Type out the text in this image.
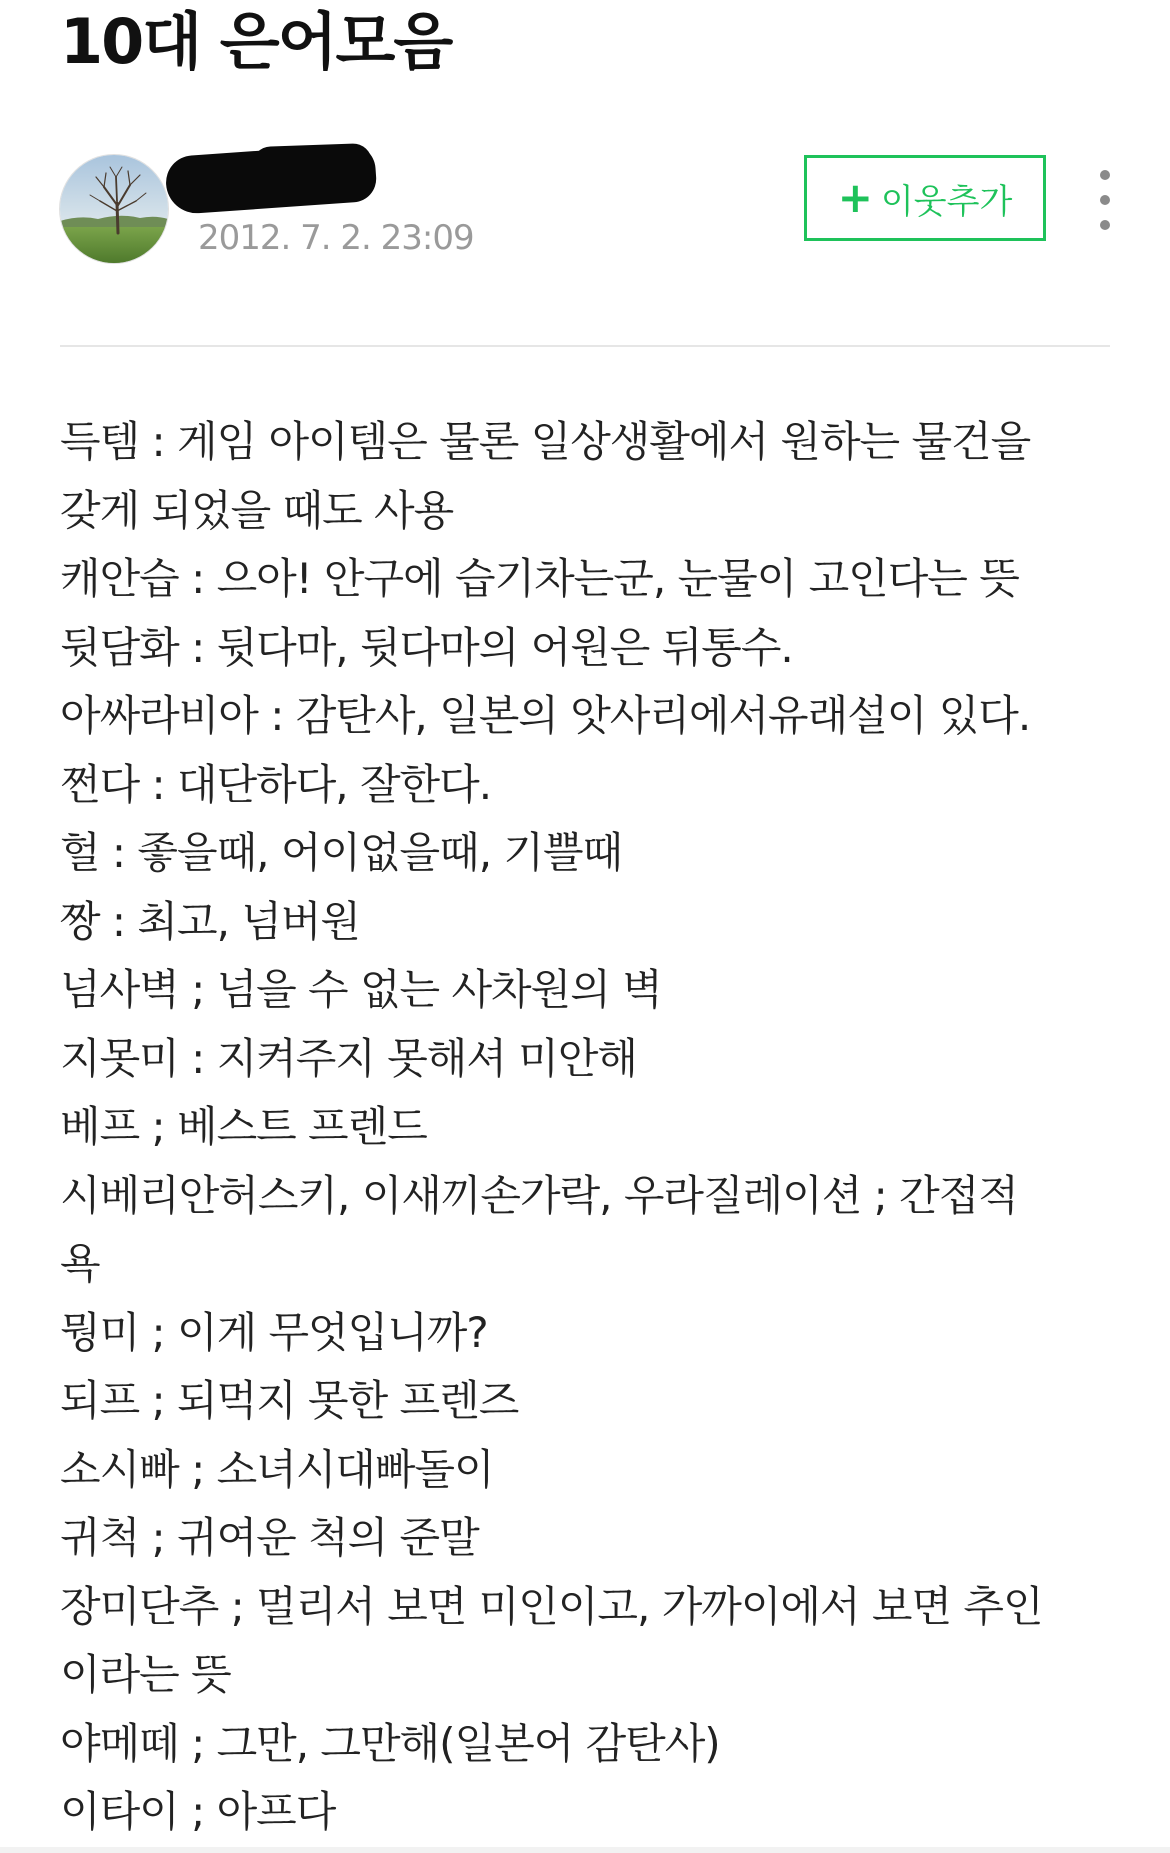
10대 은어모음
2012. 7. 2. 23:09
+ 이웃추가
득템 : 게임 아이템은 물론 일상생활에서 원하는 물건을
갖게 되었을 때도 사용
캐안습 : 으아! 안구에 습기차는군, 눈물이 고인다는 뜻
뒷담화 : 뒷다마, 뒷다마의 어원은 뒤통수.
아싸라비아 : 감탄사, 일본의 앗사리에서유래설이 있다.
쩐다 : 대단하다, 잘한다.
헐 : 좋을때, 어이없을때, 기쁠때
짱 : 최고, 넘버원
넘사벽 ; 넘을 수 없는 사차원의 벽
지못미 : 지켜주지 못해셔 미안해
베프 ; 베스트 프렌드
시베리안허스키, 이새끼손가락, 우라질레이션 ; 간접적
욕
뭥미 ; 이게 무엇입니까?
되프 ; 되먹지 못한 프렌즈
소시빠 ; 소녀시대빠돌이
귀척 ; 귀여운 척의 준말
장미단추 ; 멀리서 보면 미인이고, 가까이에서 보면 추인
이라는 뜻
야메떼 ; 그만, 그만해(일본어 감탄사)
이타이 ; 아프다
